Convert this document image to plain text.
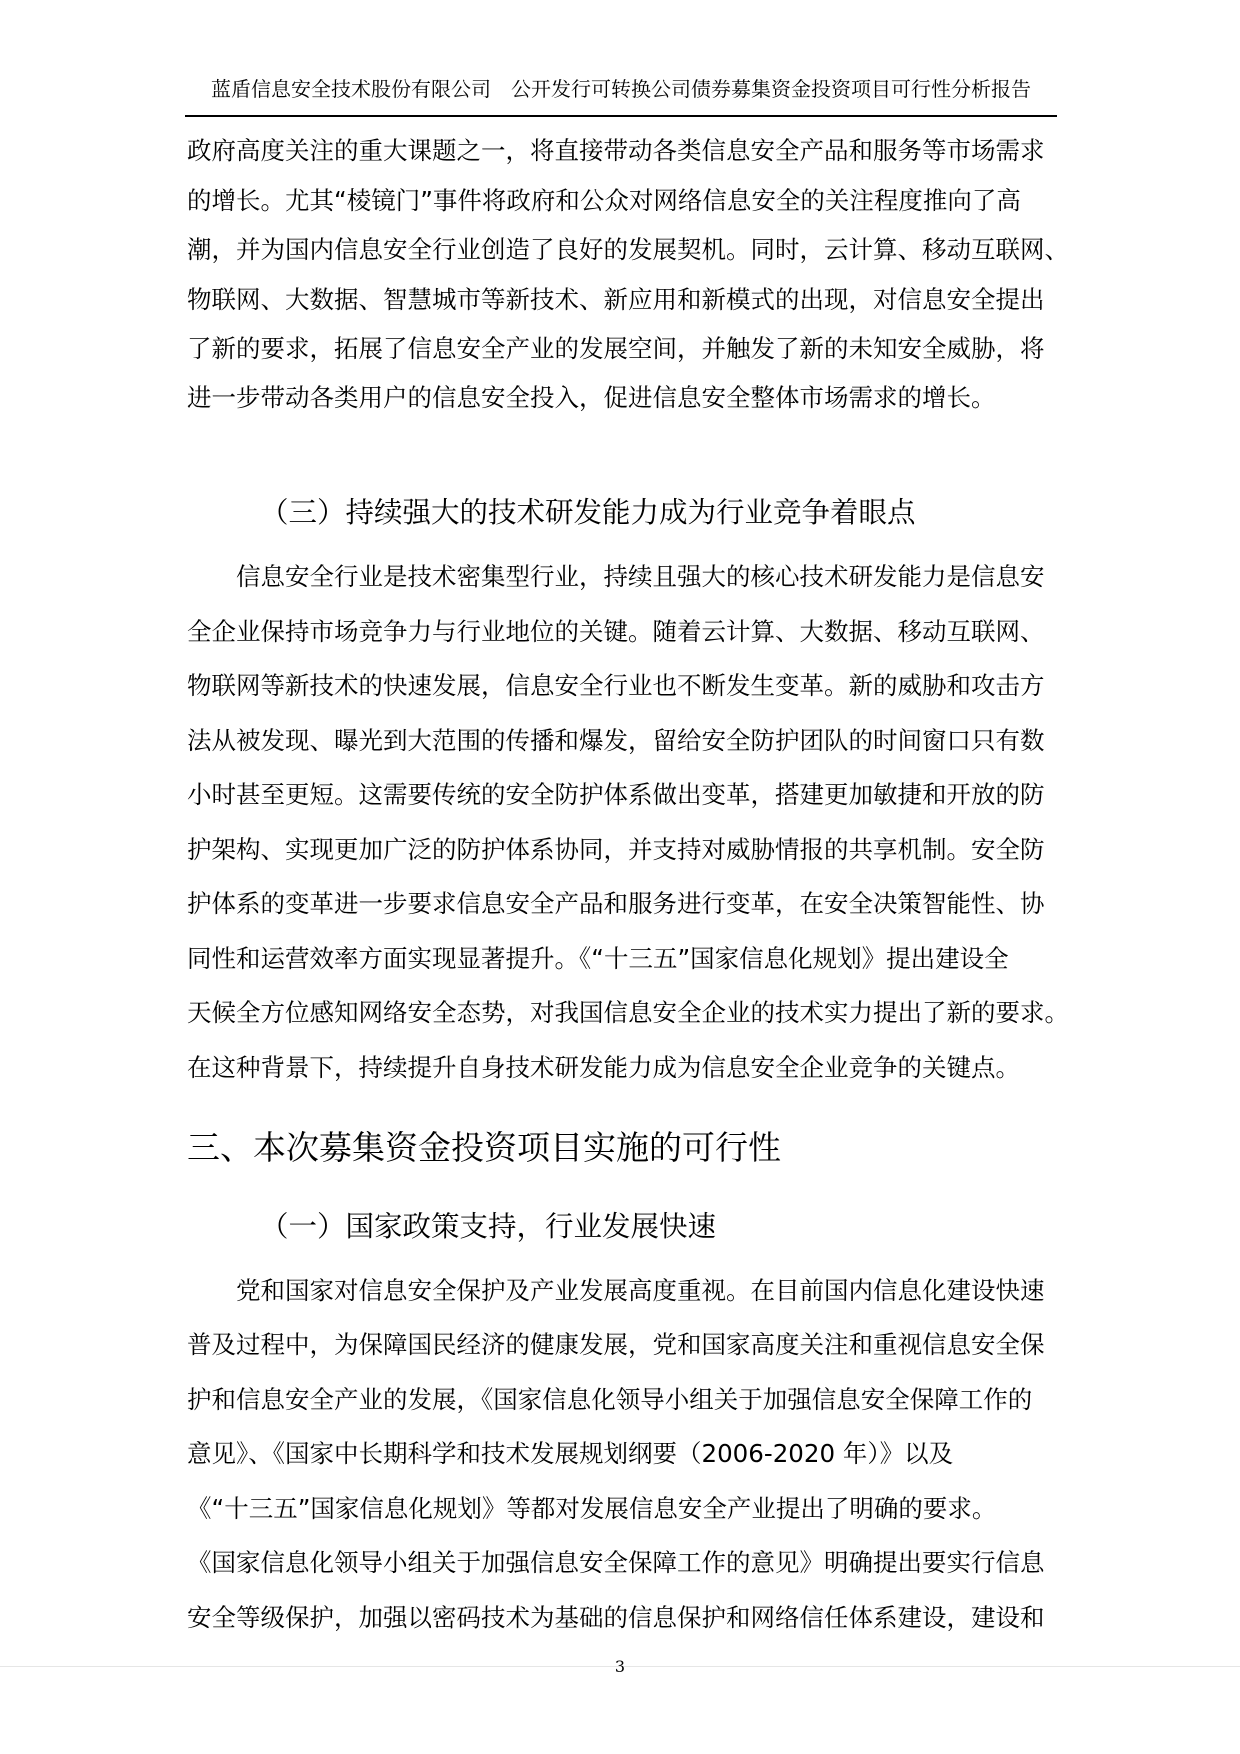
蓝盾信息安全技术股份有限公司 公开发行可转换公司债券募集资金投资项目可行性分析报告
政府高度关注的重大课题之一，将直接带动各类信息安全产品和服务等市场需求
的增长。尤其“棱镜门”事件将政府和公众对网络信息安全的关注程度推向了高
潮，并为国内信息安全行业创造了良好的发展契机。同时，云计算、移动互联网、
物联网、大数据、智慧城市等新技术、新应用和新模式的出现，对信息安全提出
了新的要求，拓展了信息安全产业的发展空间，并触发了新的未知安全威胁，将
进一步带动各类用户的信息安全投入，促进信息安全整体市场需求的增长。
（三）持续强大的技术研发能力成为行业竞争着眼点
信息安全行业是技术密集型行业，持续且强大的核心技术研发能力是信息安
全企业保持市场竞争力与行业地位的关键。随着云计算、大数据、移动互联网、
物联网等新技术的快速发展，信息安全行业也不断发生变革。新的威胁和攻击方
法从被发现、曝光到大范围的传播和爆发，留给安全防护团队的时间窗口只有数
小时甚至更短。这需要传统的安全防护体系做出变革，搭建更加敏捷和开放的防
护架构、实现更加广泛的防护体系协同，并支持对威胁情报的共享机制。安全防
护体系的变革进一步要求信息安全产品和服务进行变革，在安全决策智能性、协
同性和运营效率方面实现显著提升。《“十三五”国家信息化规划》提出建设全
天候全方位感知网络安全态势，对我国信息安全企业的技术实力提出了新的要求。
在这种背景下，持续提升自身技术研发能力成为信息安全企业竞争的关键点。
三、本次募集资金投资项目实施的可行性
（一）国家政策支持，行业发展快速
党和国家对信息安全保护及产业发展高度重视。在目前国内信息化建设快速
普及过程中，为保障国民经济的健康发展，党和国家高度关注和重视信息安全保
护和信息安全产业的发展，《国家信息化领导小组关于加强信息安全保障工作的
意见》、《国家中长期科学和技术发展规划纲要（2006-2020 年）》以及
《“十三五”国家信息化规划》等都对发展信息安全产业提出了明确的要求。
《国家信息化领导小组关于加强信息安全保障工作的意见》明确提出要实行信息
安全等级保护，加强以密码技术为基础的信息保护和网络信任体系建设，建设和
3
